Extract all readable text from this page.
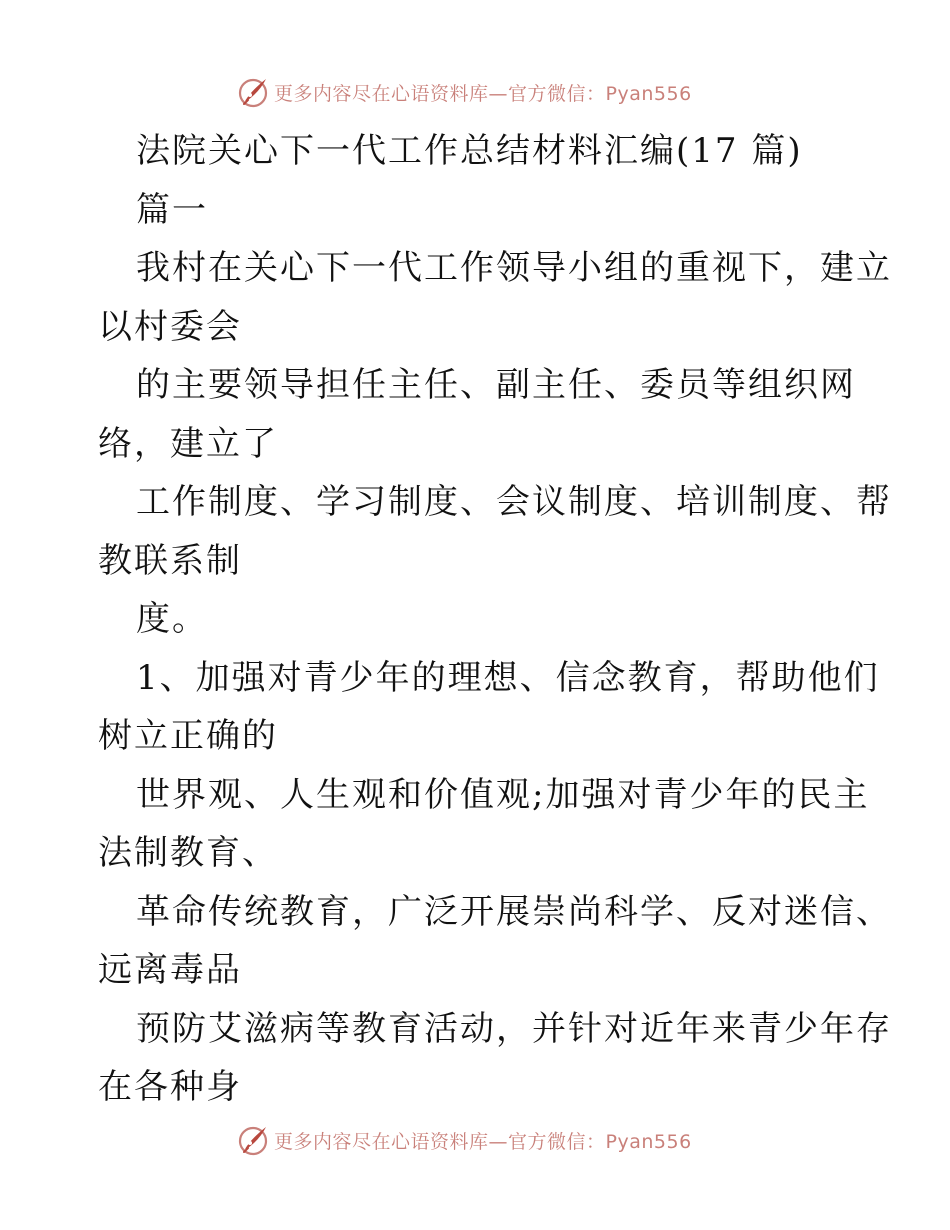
更多内容尽在心语资料库—官方微信：Pyan556
法院关心下一代工作总结材料汇编(17 篇)
篇一
我村在关心下一代工作领导小组的重视下，建立
以村委会
的主要领导担任主任、副主任、委员等组织网
络，建立了
工作制度、学习制度、会议制度、培训制度、帮
教联系制
度。
1、加强对青少年的理想、信念教育，帮助他们
树立正确的
世界观、人生观和价值观;加强对青少年的民主
法制教育、
革命传统教育，广泛开展崇尚科学、反对迷信、
远离毒品
预防艾滋病等教育活动，并针对近年来青少年存
在各种身
更多内容尽在心语资料库—官方微信：Pyan556
